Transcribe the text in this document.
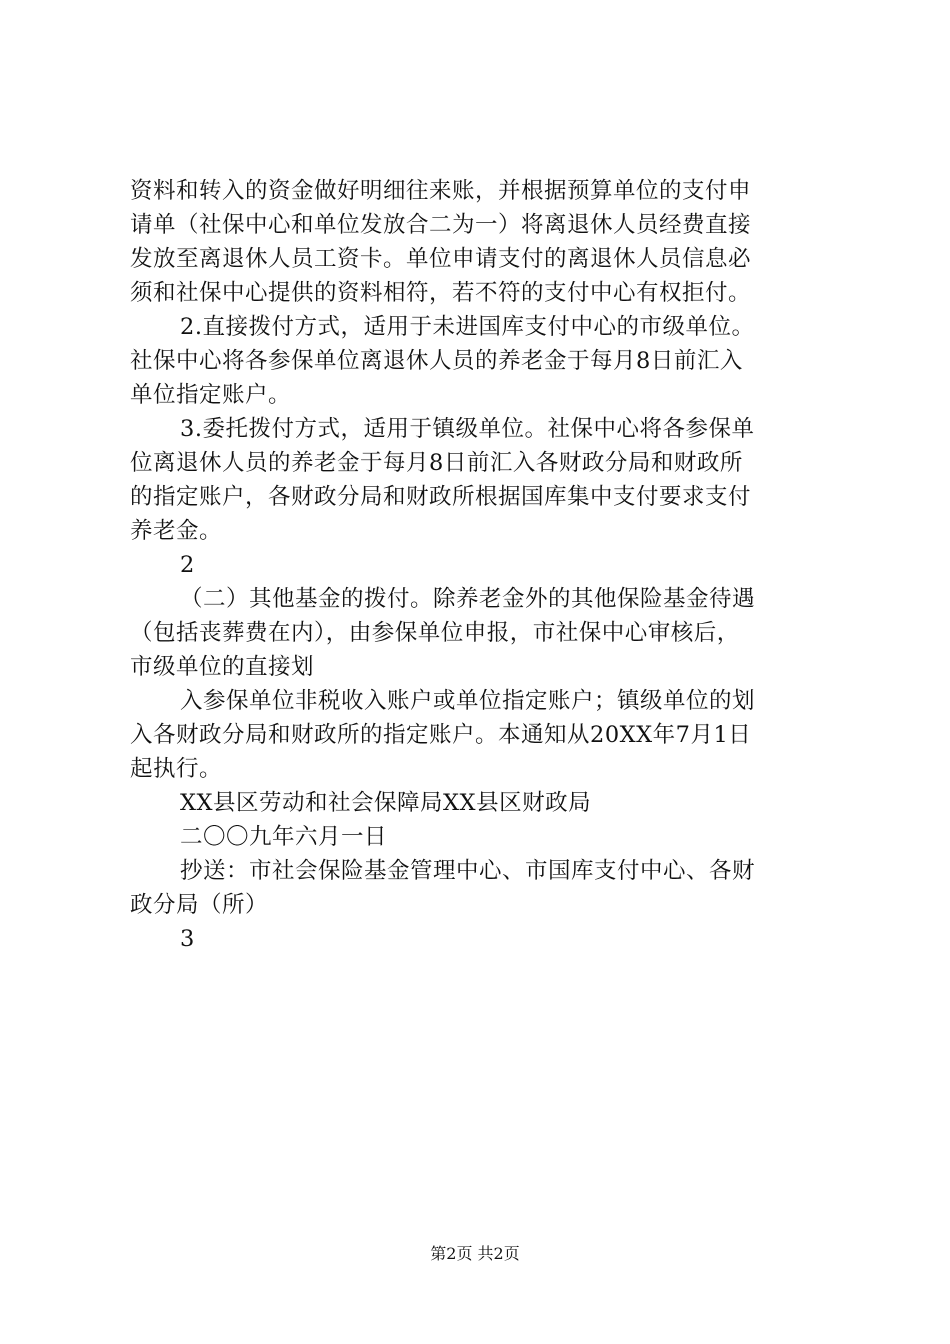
资料和转入的资金做好明细往来账，并根据预算单位的支付申
请单（社保中心和单位发放合二为一）将离退休人员经费直接
发放至离退休人员工资卡。单位申请支付的离退休人员信息必
须和社保中心提供的资料相符，若不符的支付中心有权拒付。
2.直接拨付方式，适用于未进国库支付中心的市级单位。
社保中心将各参保单位离退休人员的养老金于每月8日前汇入
单位指定账户。
3.委托拨付方式，适用于镇级单位。社保中心将各参保单
位离退休人员的养老金于每月8日前汇入各财政分局和财政所
的指定账户，各财政分局和财政所根据国库集中支付要求支付
养老金。
2
（二）其他基金的拨付。除养老金外的其他保险基金待遇
（包括丧葬费在内），由参保单位申报，市社保中心审核后，
市级单位的直接划
入参保单位非税收入账户或单位指定账户；镇级单位的划
入各财政分局和财政所的指定账户。本通知从20XX年7月1日
起执行。
XX县区劳动和社会保障局XX县区财政局
二〇〇九年六月一日
抄送：市社会保险基金管理中心、市国库支付中心、各财
政分局（所）
3
第2页 共2页
